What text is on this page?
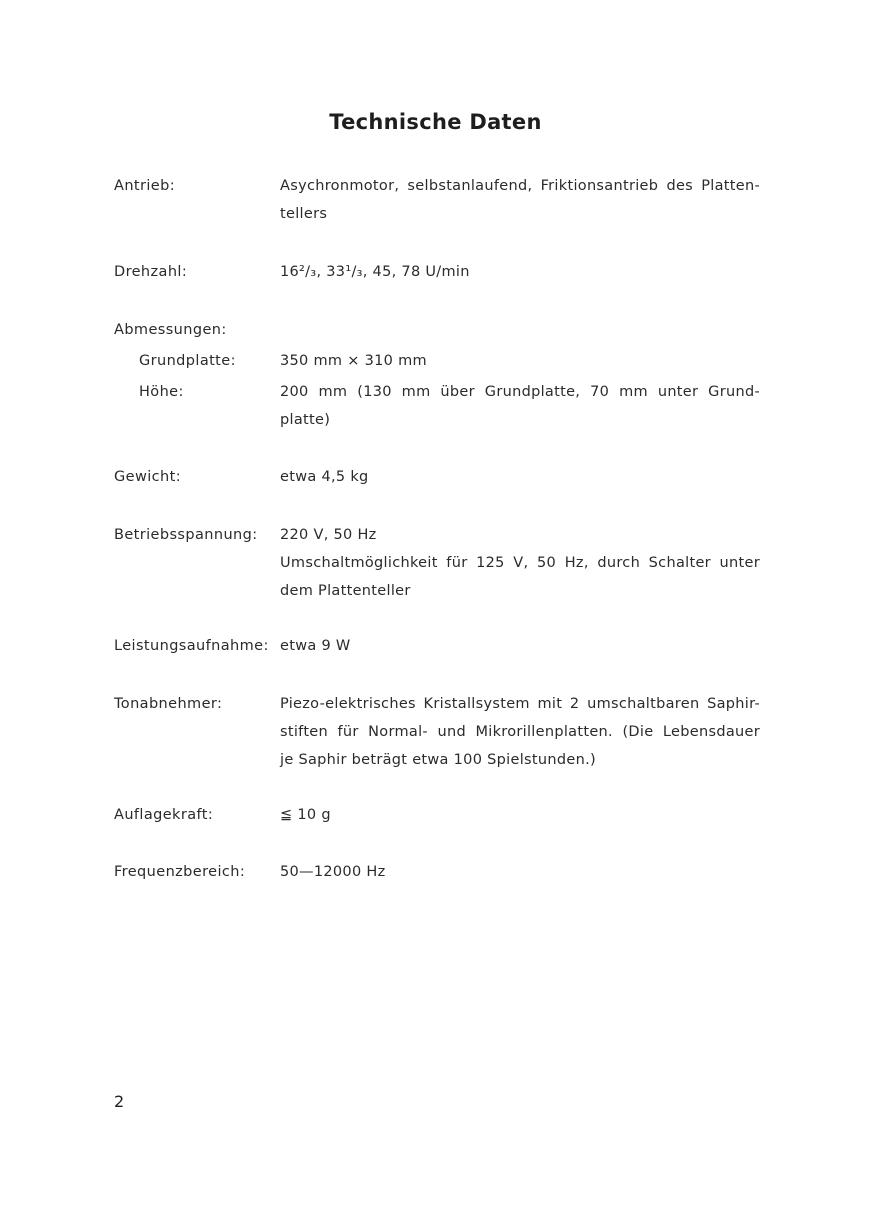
Technische Daten
Antrieb:	Asychronmotor, selbstanlaufend, Friktionsantrieb des Platten-
tellers
Drehzahl:	16²/₃, 33¹/₃, 45, 78 U/min
Abmessungen:
Grundplatte:	350 mm × 310 mm
Höhe:	200 mm (130 mm über Grundplatte, 70 mm unter Grund-
platte)
Gewicht:	etwa 4,5 kg
Betriebsspannung: 220 V, 50 Hz
Umschaltmöglichkeit für 125 V, 50 Hz, durch Schalter unter
dem Plattenteller
Leistungsaufnahme: etwa 9 W
Tonabnehmer:	Piezo-elektrisches Kristallsystem mit 2 umschaltbaren Saphir-
stiften für Normal- und Mikrorillenplatten. (Die Lebensdauer
je Saphir beträgt etwa 100 Spielstunden.)
Auflagekraft:	≦ 10 g
Frequenzbereich: 50—12000 Hz
2
